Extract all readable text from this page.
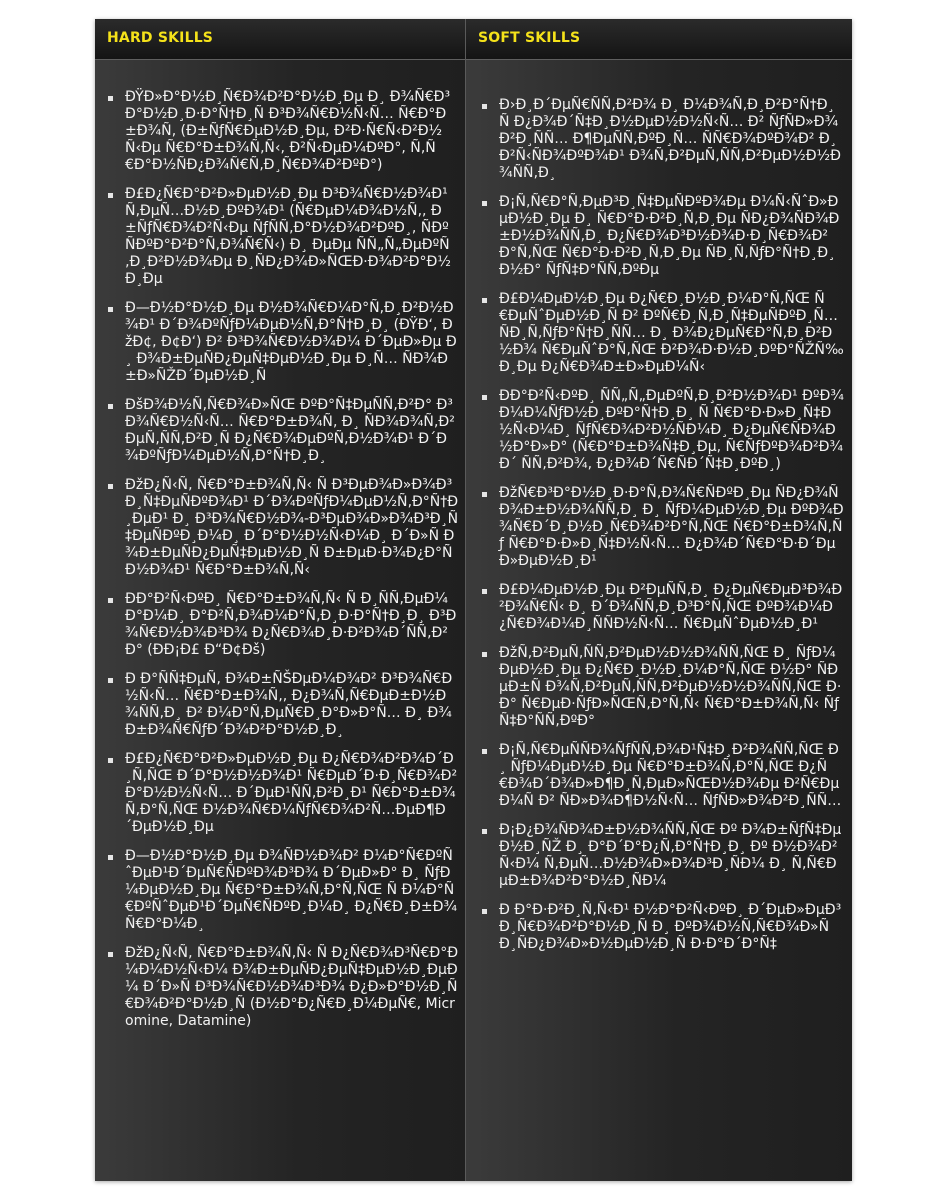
HARD SKILLS
ÐŸÐ»Ð°Ð½Ð¸Ñ€Ð¾Ð²Ð°Ð½Ð¸Ðµ Ð¸ Ð¾Ñ€Ð³Ð°Ð½Ð¸Ð·Ð°Ñ†Ð¸Ñ Ð³Ð¾Ñ€Ð½Ñ‹Ñ… Ñ€Ð°Ð±Ð¾Ñ‚ (Ð±ÑƒÑ€ÐµÐ½Ð¸Ðµ, Ð²Ð·Ñ€Ñ‹Ð²Ð½Ñ‹Ðµ Ñ€Ð°Ð±Ð¾Ñ‚Ñ‹, Ð²Ñ‹ÐµÐ¼ÐºÐ°, Ñ‚Ñ€Ð°Ð½ÑÐ¿Ð¾Ñ€Ñ‚Ð¸Ñ€Ð¾Ð²ÐºÐ°)
Ð£Ð¿Ñ€Ð°Ð²Ð»ÐµÐ½Ð¸Ðµ Ð³Ð¾Ñ€Ð½Ð¾Ð¹ Ñ‚ÐµÑ…Ð½Ð¸ÐºÐ¾Ð¹ (Ñ€ÐµÐ¼Ð¾Ð½Ñ‚, Ð±ÑƒÑ€Ð¾Ð²Ñ‹Ðµ ÑƒÑÑ‚Ð°Ð½Ð¾Ð²ÐºÐ¸, ÑÐºÑÐºÐ°Ð²Ð°Ñ‚Ð¾Ñ€Ñ‹) Ð¸ ÐµÐµ ÑÑ„Ñ„ÐµÐºÑ‚Ð¸Ð²Ð½Ð¾Ðµ Ð¸ÑÐ¿Ð¾Ð»ÑŒÐ·Ð¾Ð²Ð°Ð½Ð¸Ðµ
Ð—Ð½Ð°Ð½Ð¸Ðµ Ð½Ð¾Ñ€Ð¼Ð°Ñ‚Ð¸Ð²Ð½Ð¾Ð¹ Ð´Ð¾ÐºÑƒÐ¼ÐµÐ½Ñ‚Ð°Ñ†Ð¸Ð¸ (ÐŸÐ‘, ÐžÐ¢, Ð¢Ð‘) Ð² Ð³Ð¾Ñ€Ð½Ð¾Ð¼ Ð´ÐµÐ»Ðµ Ð¸ Ð¾Ð±ÐµÑÐ¿ÐµÑ‡ÐµÐ½Ð¸Ðµ Ð¸Ñ… ÑÐ¾Ð±Ð»ÑŽÐ´ÐµÐ½Ð¸Ñ
ÐšÐ¾Ð½Ñ‚Ñ€Ð¾Ð»ÑŒ ÐºÐ°Ñ‡ÐµÑÑ‚Ð²Ð° Ð³Ð¾Ñ€Ð½Ñ‹Ñ… Ñ€Ð°Ð±Ð¾Ñ‚ Ð¸ ÑÐ¾Ð¾Ñ‚Ð²ÐµÑ‚ÑÑ‚Ð²Ð¸Ñ Ð¿Ñ€Ð¾ÐµÐºÑ‚Ð½Ð¾Ð¹ Ð´Ð¾ÐºÑƒÐ¼ÐµÐ½Ñ‚Ð°Ñ†Ð¸Ð¸
ÐžÐ¿Ñ‹Ñ‚ Ñ€Ð°Ð±Ð¾Ñ‚Ñ‹ Ñ Ð³ÐµÐ¾Ð»Ð¾Ð³Ð¸Ñ‡ÐµÑÐºÐ¾Ð¹ Ð´Ð¾ÐºÑƒÐ¼ÐµÐ½Ñ‚Ð°Ñ†Ð¸ÐµÐ¹ Ð¸ Ð³Ð¾Ñ€Ð½Ð¾-Ð³ÐµÐ¾Ð»Ð¾Ð³Ð¸Ñ‡ÐµÑÐºÐ¸Ð¼Ð¸ Ð´Ð°Ð½Ð½Ñ‹Ð¼Ð¸ Ð´Ð»Ñ Ð¾Ð±ÐµÑÐ¿ÐµÑ‡ÐµÐ½Ð¸Ñ Ð±ÐµÐ·Ð¾Ð¿Ð°ÑÐ½Ð¾Ð¹ Ñ€Ð°Ð±Ð¾Ñ‚Ñ‹
ÐÐ°Ð²Ñ‹ÐºÐ¸ Ñ€Ð°Ð±Ð¾Ñ‚Ñ‹ Ñ Ð¸ÑÑ‚ÐµÐ¼Ð°Ð¼Ð¸ Ð°Ð²Ñ‚Ð¾Ð¼Ð°Ñ‚Ð¸Ð·Ð°Ñ†Ð¸Ð¸ Ð³Ð¾Ñ€Ð½Ð¾Ð³Ð¾ Ð¿Ñ€Ð¾Ð¸Ð·Ð²Ð¾Ð´ÑÑ‚Ð²Ð° (ÐÐ¡Ð£ Ð“Ð¢Ðš)
Ð Ð°ÑÑ‡ÐµÑ‚ Ð¾Ð±ÑŠÐµÐ¼Ð¾Ð² Ð³Ð¾Ñ€Ð½Ñ‹Ñ… Ñ€Ð°Ð±Ð¾Ñ‚, Ð¿Ð¾Ñ‚Ñ€ÐµÐ±Ð½Ð¾ÑÑ‚Ð¸ Ð² Ð¼Ð°Ñ‚ÐµÑ€Ð¸Ð°Ð»Ð°Ñ… Ð¸ Ð¾Ð±Ð¾Ñ€ÑƒÐ´Ð¾Ð²Ð°Ð½Ð¸Ð¸
Ð£Ð¿Ñ€Ð°Ð²Ð»ÐµÐ½Ð¸Ðµ Ð¿Ñ€Ð¾Ð²Ð¾Ð´Ð¸Ñ‚ÑŒ Ð´Ð°Ð½Ð½Ð¾Ð¹ Ñ€ÐµÐ´Ð·Ð¸Ñ€Ð¾Ð²Ð°Ð½Ð½Ñ‹Ñ… Ð´ÐµÐ¹ÑÑ‚Ð²Ð¸Ð¹ Ñ€Ð°Ð±Ð¾Ñ‚Ð°Ñ‚ÑŒ Ð½Ð¾Ñ€Ð¼ÑƒÑ€Ð¾Ð²Ñ…ÐµÐ¶Ð´ÐµÐ½Ð¸Ðµ
Ð—Ð½Ð°Ð½Ð¸Ðµ Ð¾ÑÐ½Ð¾Ð² Ð¼Ð°Ñ€ÐºÑˆÐµÐ¹Ð´ÐµÑ€ÑÐºÐ¾Ð³Ð¾ Ð´ÐµÐ»Ð° Ð¸ ÑƒÐ¼ÐµÐ½Ð¸Ðµ Ñ€Ð°Ð±Ð¾Ñ‚Ð°Ñ‚ÑŒ Ñ Ð¼Ð°Ñ€ÐºÑˆÐµÐ¹Ð´ÐµÑ€ÑÐºÐ¸Ð¼Ð¸ Ð¿Ñ€Ð¸Ð±Ð¾Ñ€Ð°Ð¼Ð¸
ÐžÐ¿Ñ‹Ñ‚ Ñ€Ð°Ð±Ð¾Ñ‚Ñ‹ Ñ Ð¿Ñ€Ð¾Ð³Ñ€Ð°Ð¼Ð¼Ð½Ñ‹Ð¼ Ð¾Ð±ÐµÑÐ¿ÐµÑ‡ÐµÐ½Ð¸ÐµÐ¼ Ð´Ð»Ñ Ð³Ð¾Ñ€Ð½Ð¾Ð³Ð¾ Ð¿Ð»Ð°Ð½Ð¸Ñ€Ð¾Ð²Ð°Ð½Ð¸Ñ (Ð½Ð°Ð¿Ñ€Ð¸Ð¼ÐµÑ€, Micromine, Datamine)
SOFT SKILLS
Ð›Ð¸Ð´ÐµÑ€ÑÑ‚Ð²Ð¾ Ð¸ Ð¼Ð¾Ñ‚Ð¸Ð²Ð°Ñ†Ð¸Ñ Ð¿Ð¾Ð´Ñ‡Ð¸Ð½ÐµÐ½Ð½Ñ‹Ñ… Ð² ÑƒÑÐ»Ð¾Ð²Ð¸ÑÑ… Ð¶ÐµÑÑ‚ÐºÐ¸Ñ… ÑÑ€Ð¾ÐºÐ¾Ð² Ð¸ Ð²Ñ‹ÑÐ¾ÐºÐ¾Ð¹ Ð¾Ñ‚Ð²ÐµÑ‚ÑÑ‚Ð²ÐµÐ½Ð½Ð¾ÑÑ‚Ð¸
Ð¡Ñ‚Ñ€Ð°Ñ‚ÐµÐ³Ð¸Ñ‡ÐµÑÐºÐ¾Ðµ Ð¼Ñ‹ÑˆÐ»ÐµÐ½Ð¸Ðµ Ð¸ Ñ€Ð°Ð·Ð²Ð¸Ñ‚Ð¸Ðµ ÑÐ¿Ð¾ÑÐ¾Ð±Ð½Ð¾ÑÑ‚Ð¸ Ð¿Ñ€Ð¾Ð³Ð½Ð¾Ð·Ð¸Ñ€Ð¾Ð²Ð°Ñ‚ÑŒ Ñ€Ð°Ð·Ð²Ð¸Ñ‚Ð¸Ðµ ÑÐ¸Ñ‚ÑƒÐ°Ñ†Ð¸Ð¸ Ð½Ð° ÑƒÑ‡Ð°ÑÑ‚ÐºÐµ
Ð£Ð¼ÐµÐ½Ð¸Ðµ Ð¿Ñ€Ð¸Ð½Ð¸Ð¼Ð°Ñ‚ÑŒ Ñ€ÐµÑˆÐµÐ½Ð¸Ñ Ð² ÐºÑ€Ð¸Ñ‚Ð¸Ñ‡ÐµÑÐºÐ¸Ñ… ÑÐ¸Ñ‚ÑƒÐ°Ñ†Ð¸ÑÑ… Ð¸ Ð¾Ð¿ÐµÑ€Ð°Ñ‚Ð¸Ð²Ð½Ð¾ Ñ€ÐµÑˆÐ°Ñ‚ÑŒ Ð²Ð¾Ð·Ð½Ð¸ÐºÐ°ÑŽÑ‰Ð¸Ðµ Ð¿Ñ€Ð¾Ð±Ð»ÐµÐ¼Ñ‹
ÐÐ°Ð²Ñ‹ÐºÐ¸ ÑÑ„Ñ„ÐµÐºÑ‚Ð¸Ð²Ð½Ð¾Ð¹ ÐºÐ¾Ð¼Ð¼ÑƒÐ½Ð¸ÐºÐ°Ñ†Ð¸Ð¸ Ñ Ñ€Ð°Ð·Ð»Ð¸Ñ‡Ð½Ñ‹Ð¼Ð¸ ÑƒÑ€Ð¾Ð²Ð½ÑÐ¼Ð¸ Ð¿ÐµÑ€ÑÐ¾Ð½Ð°Ð»Ð° (Ñ€Ð°Ð±Ð¾Ñ‡Ð¸Ðµ, Ñ€ÑƒÐºÐ¾Ð²Ð¾Ð´ ÑÑ‚Ð²Ð¾, Ð¿Ð¾Ð´Ñ€ÑÐ´Ñ‡Ð¸ÐºÐ¸)
ÐžÑ€Ð³Ð°Ð½Ð¸Ð·Ð°Ñ‚Ð¾Ñ€ÑÐºÐ¸Ðµ ÑÐ¿Ð¾ÑÐ¾Ð±Ð½Ð¾ÑÑ‚Ð¸ Ð¸ ÑƒÐ¼ÐµÐ½Ð¸Ðµ ÐºÐ¾Ð¾Ñ€Ð´Ð¸Ð½Ð¸Ñ€Ð¾Ð²Ð°Ñ‚ÑŒ Ñ€Ð°Ð±Ð¾Ñ‚Ñƒ Ñ€Ð°Ð·Ð»Ð¸Ñ‡Ð½Ñ‹Ñ… Ð¿Ð¾Ð´Ñ€Ð°Ð·Ð´ÐµÐ»ÐµÐ½Ð¸Ð¹
Ð£Ð¼ÐµÐ½Ð¸Ðµ Ð²ÐµÑÑ‚Ð¸ Ð¿ÐµÑ€ÐµÐ³Ð¾Ð²Ð¾Ñ€Ñ‹ Ð¸ Ð´Ð¾ÑÑ‚Ð¸Ð³Ð°Ñ‚ÑŒ ÐºÐ¾Ð¼Ð¿Ñ€Ð¾Ð¼Ð¸ÑÑÐ½Ñ‹Ñ… Ñ€ÐµÑˆÐµÐ½Ð¸Ð¹
ÐžÑ‚Ð²ÐµÑ‚ÑÑ‚Ð²ÐµÐ½Ð½Ð¾ÑÑ‚ÑŒ Ð¸ ÑƒÐ¼ÐµÐ½Ð¸Ðµ Ð¿Ñ€Ð¸Ð½Ð¸Ð¼Ð°Ñ‚ÑŒ Ð½Ð° ÑÐµÐ±Ñ Ð¾Ñ‚Ð²ÐµÑ‚ÑÑ‚Ð²ÐµÐ½Ð½Ð¾ÑÑ‚ÑŒ Ð·Ð° Ñ€ÐµÐ·ÑƒÐ»ÑŒÑ‚Ð°Ñ‚Ñ‹ Ñ€Ð°Ð±Ð¾Ñ‚Ñ‹ ÑƒÑ‡Ð°ÑÑ‚ÐºÐ°
Ð¡Ñ‚Ñ€ÐµÑÑÐ¾ÑƒÑÑ‚Ð¾Ð¹Ñ‡Ð¸Ð²Ð¾ÑÑ‚ÑŒ Ð¸ ÑƒÐ¼ÐµÐ½Ð¸Ðµ Ñ€Ð°Ð±Ð¾Ñ‚Ð°Ñ‚ÑŒ Ð¿Ñ€Ð¾Ð´Ð¾Ð»Ð¶Ð¸Ñ‚ÐµÐ»ÑŒÐ½Ð¾Ðµ Ð²Ñ€ÐµÐ¼Ñ Ð² ÑÐ»Ð¾Ð¶Ð½Ñ‹Ñ… ÑƒÑÐ»Ð¾Ð²Ð¸ÑÑ…
Ð¡Ð¿Ð¾ÑÐ¾Ð±Ð½Ð¾ÑÑ‚ÑŒ Ðº Ð¾Ð±ÑƒÑ‡ÐµÐ½Ð¸ÑŽ Ð¸ Ð°Ð´Ð°Ð¿Ñ‚Ð°Ñ†Ð¸Ð¸ Ðº Ð½Ð¾Ð²Ñ‹Ð¼ Ñ‚ÐµÑ…Ð½Ð¾Ð»Ð¾Ð³Ð¸ÑÐ¼ Ð¸ Ñ‚Ñ€ÐµÐ±Ð¾Ð²Ð°Ð½Ð¸ÑÐ¼
Ð Ð°Ð·Ð²Ð¸Ñ‚Ñ‹Ð¹ Ð½Ð°Ð²Ñ‹ÐºÐ¸ Ð´ÐµÐ»ÐµÐ³Ð¸Ñ€Ð¾Ð²Ð°Ð½Ð¸Ñ Ð¸ ÐºÐ¾Ð½Ñ‚Ñ€Ð¾Ð»Ñ Ð¸ÑÐ¿Ð¾Ð»Ð½ÐµÐ½Ð¸Ñ Ð·Ð°Ð´Ð°Ñ‡
